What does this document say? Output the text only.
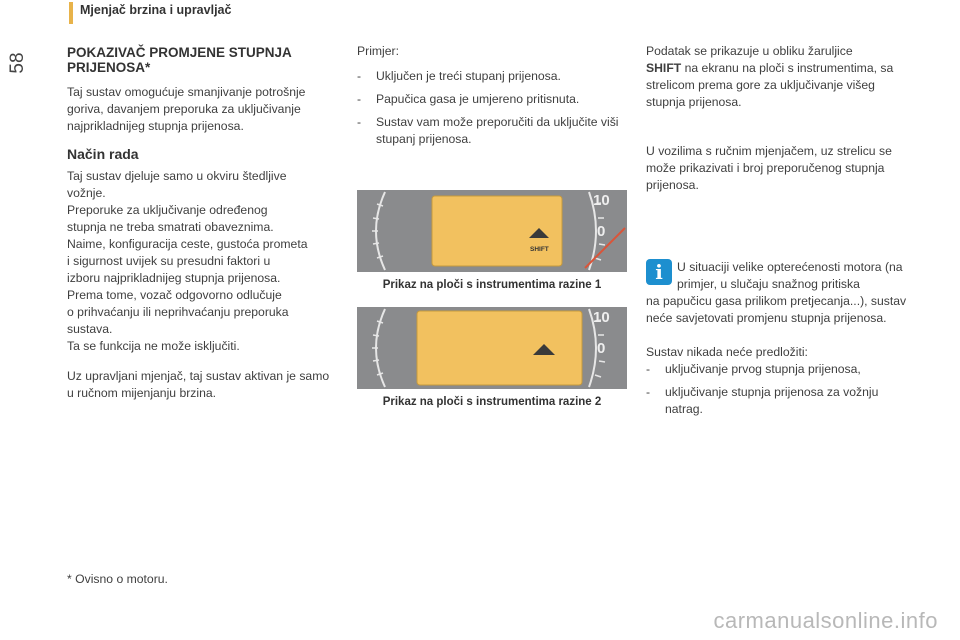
Mjenjač brzina i upravljač
58	POKAZIVAČ PROMJENE STUPNJA PRIJENOSA*
Taj sustav omogućuje smanjivanje potrošnje goriva, davanjem preporuka za uključivanje najprikladnijeg stupnja prijenosa.
Način rada

Taj sustav djeluje samo u okviru štedljive

vožnje.

Preporuke za uključivanje određenog

stupnja ne treba smatrati obaveznima.

Naime, konfiguracija ceste, gustoća prometa

i sigurnost uvijek su presudni faktori u

izboru najprikladnijeg stupnja prijenosa.

Prema tome, vozač odgovorno odlučuje

o prihvaćanju ili neprihvaćanju preporuka

sustava.

Ta se funkcija ne može isključiti.

Uz upravljani mjenjač, taj sustav aktivan je samo u ručnom mijenjanju brzina.
* Ovisno o motoru.
Primjer:
- Uključen je treći stupanj prijenosa.
- Papučica gasa je umjereno pritisnuta.
- Sustav vam može preporučiti da uključite viši stupanj prijenosa.
SHIFT
10
0
Prikaz na ploči s instrumentima razine 1
10
0
Prikaz na ploči s instrumentima razine 2
Podatak se prikazuje u obliku žaruljice
SHIFT na ekranu na ploči s instrumentima, sa strelicom prema gore za uključivanje višeg stupnja prijenosa.
U vozilima s ručnim mjenjačem, uz strelicu se može prikazivati i broj preporučenog stupnja prijenosa.
i	U situaciji velike opterećenosti motora (na primjer, u slučaju snažnog pritiska
na papučicu gasa prilikom pretjecanja...), sustav neće savjetovati promjenu stupnja prijenosa.
Sustav nikada neće predložiti:
- uključivanje prvog stupnja prijenosa,
- uključivanje stupnja prijenosa za vožnju natrag.
carmanualsonline.info
